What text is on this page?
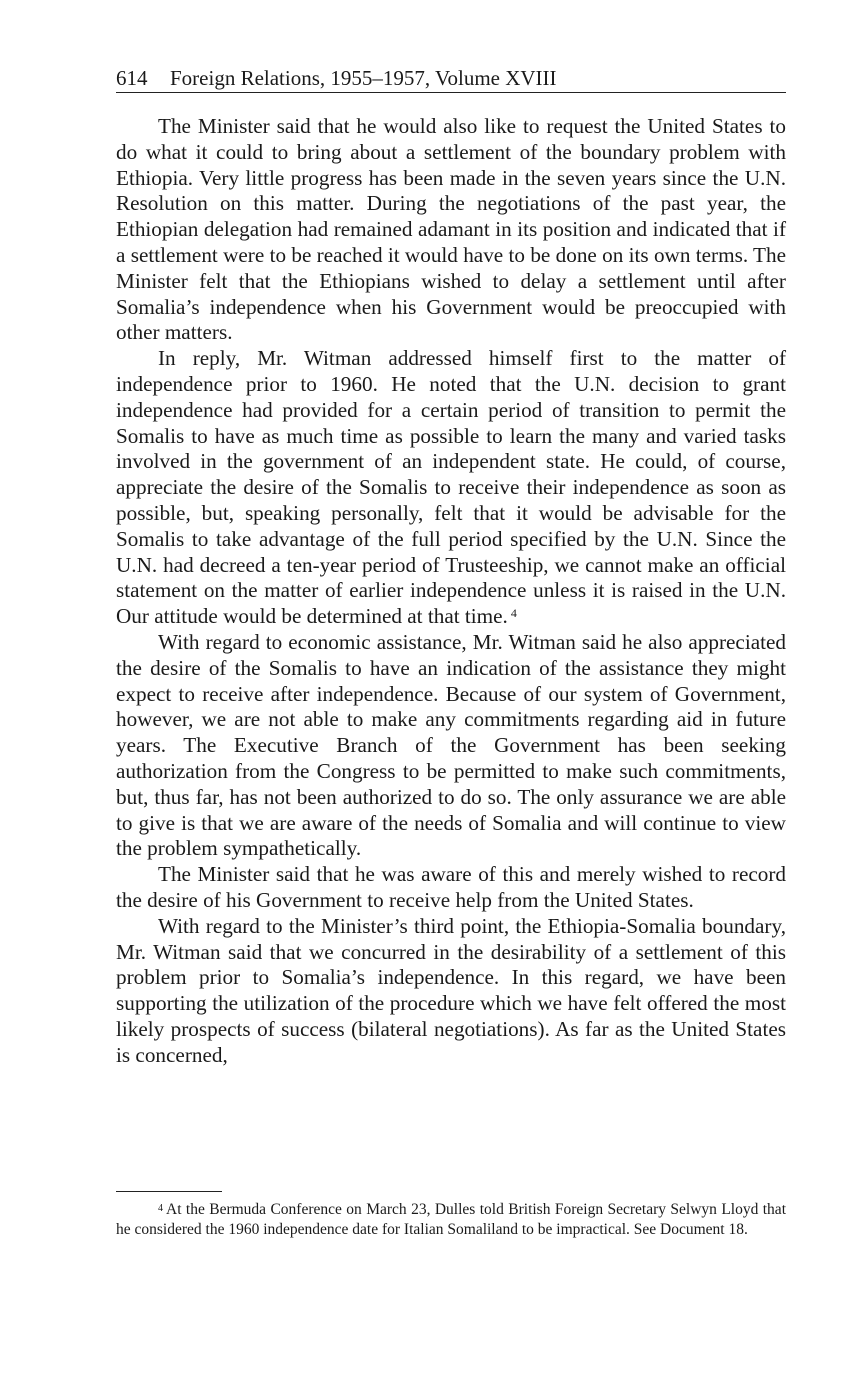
614 Foreign Relations, 1955–1957, Volume XVIII

The Minister said that he would also like to request the United States to do what it could to bring about a settlement of the boundary problem with Ethiopia. Very little progress has been made in the seven years since the U.N. Resolution on this matter. During the negotiations of the past year, the Ethiopian delegation had remained adamant in its position and indicated that if a settlement were to be reached it would have to be done on its own terms. The Minister felt that the Ethiopians wished to delay a settlement until after Somalia’s independence when his Government would be preoccupied with other matters.

In reply, Mr. Witman addressed himself first to the matter of independence prior to 1960. He noted that the U.N. decision to grant independence had provided for a certain period of transition to permit the Somalis to have as much time as possible to learn the many and varied tasks involved in the government of an independent state. He could, of course, appreciate the desire of the Somalis to receive their independence as soon as possible, but, speaking personally, felt that it would be advisable for the Somalis to take advantage of the full period specified by the U.N. Since the U.N. had decreed a ten-year period of Trusteeship, we cannot make an official statement on the matter of earlier independence unless it is raised in the U.N. Our attitude would be determined at that time. $^4$

With regard to economic assistance, Mr. Witman said he also appreciated the desire of the Somalis to have an indication of the assistance they might expect to receive after independence. Because of our system of Government, however, we are not able to make any commitments regarding aid in future years. The Executive Branch of the Government has been seeking authorization from the Congress to be permitted to make such commitments, but, thus far, has not been authorized to do so. The only assurance we are able to give is that we are aware of the needs of Somalia and will continue to view the problem sympathetically.

The Minister said that he was aware of this and merely wished to record the desire of his Government to receive help from the United States.

With regard to the Minister’s third point, the Ethiopia-Somalia boundary, Mr. Witman said that we concurred in the desirability of a settlement of this problem prior to Somalia’s independence. In this regard, we have been supporting the utilization of the procedure which we have felt offered the most likely prospects of success (bilateral negotiations). As far as the United States is concerned,

$^4$ At the Bermuda Conference on March 23, Dulles told British Foreign Secretary Selwyn Lloyd that he considered the 1960 independence date for Italian Somaliland to be impractical. See Document 18.
